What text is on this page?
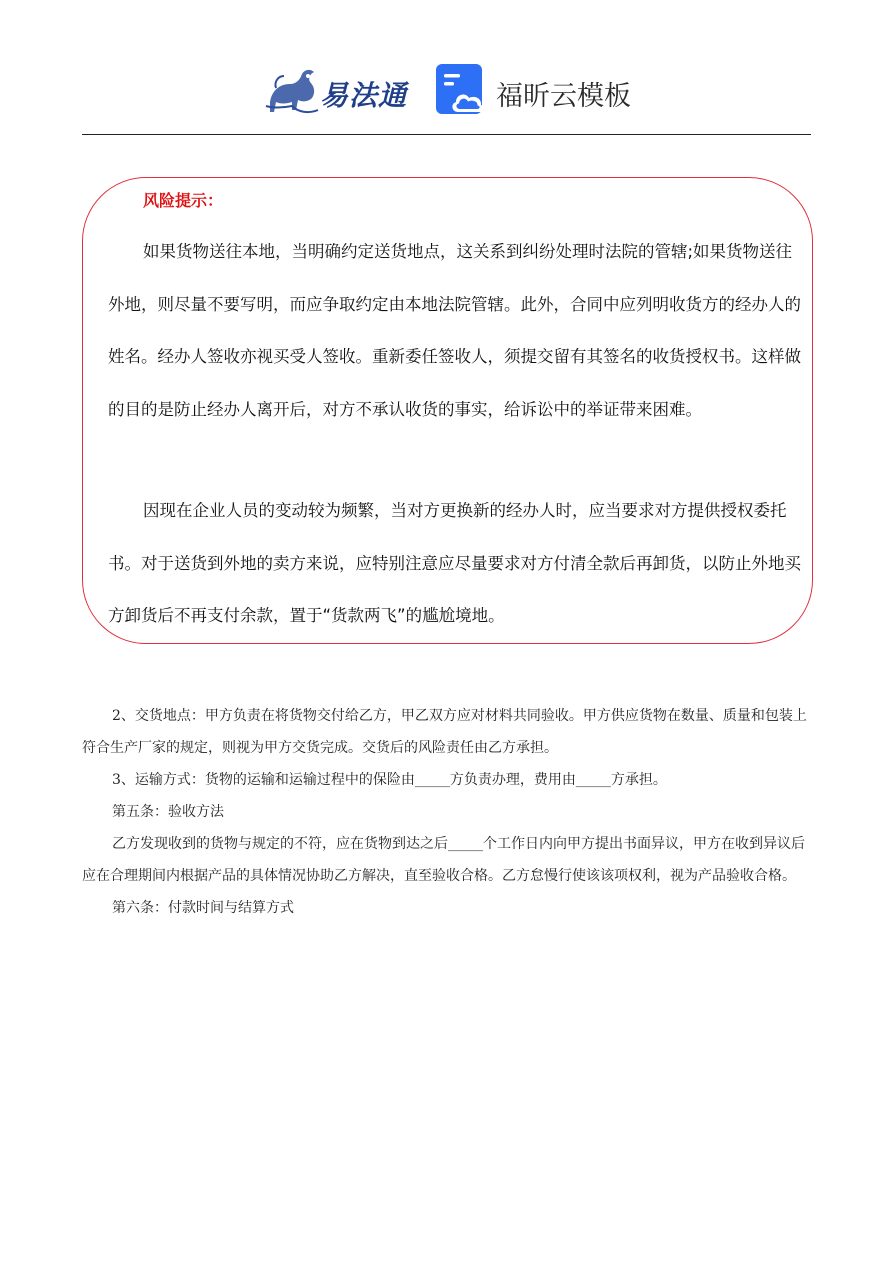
易法通	福昕云模板
风险提示：

如果货物送往本地，当明确约定送货地点，这关系到纠纷处理时法院的管辖;如果货物送往外地，则尽量不要写明，而应争取约定由本地法院管辖。此外，合同中应列明收货方的经办人的姓名。经办人签收亦视买受人签收。重新委任签收人，须提交留有其签名的收货授权书。这样做的目的是防止经办人离开后，对方不承认收货的事实，给诉讼中的举证带来困难。

因现在企业人员的变动较为频繁，当对方更换新的经办人时，应当要求对方提供授权委托书。对于送货到外地的卖方来说，应特别注意应尽量要求对方付清全款后再卸货，以防止外地买方卸货后不再支付余款，置于“货款两飞”的尴尬境地。

2、交货地点：甲方负责在将货物交付给乙方，甲乙双方应对材料共同验收。甲方供应货物在数量、质量和包装上符合生产厂家的规定，则视为甲方交货完成。交货后的风险责任由乙方承担。

3、运输方式：货物的运输和运输过程中的保险由_____方负责办理，费用由_____方承担。

第五条：验收方法

乙方发现收到的货物与规定的不符，应在货物到达之后_____个工作日内向甲方提出书面异议，甲方在收到异议后应在合理期间内根据产品的具体情况协助乙方解决，直至验收合格。乙方怠慢行使该该项权利，视为产品验收合格。

第六条：付款时间与结算方式
